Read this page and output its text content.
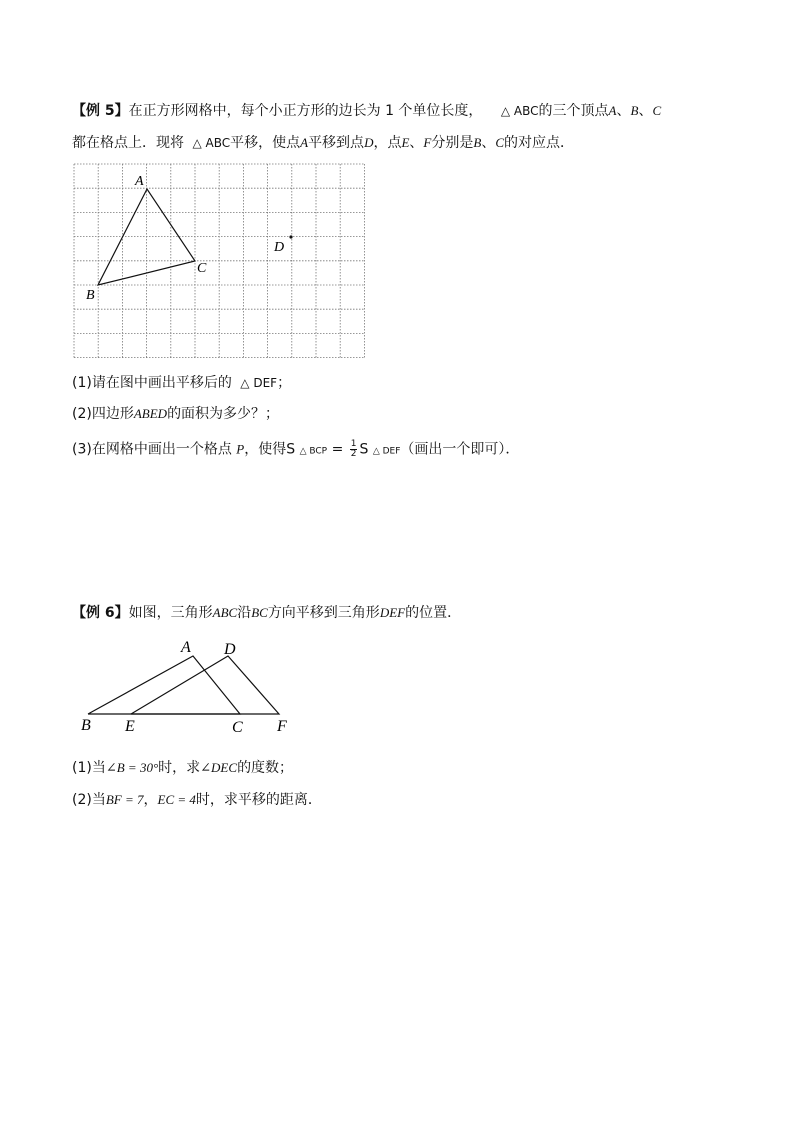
【例 5】在正方形网格中，每个小正方形的边长为 1 个单位长度， △ ABC的三个顶点A、B、C
都在格点上．现将 △ ABC平移，使点A平移到点D，点E、F分别是B、C的对应点．
A
B
C
D
(1)请在图中画出平移后的 △ DEF；
(2)四边形ABED的面积为多少？；
(3)在网格中画出一个格点 P，使得S △ BCP = $\frac{1}{2}$ S △ DEF（画出一个即可）．
【例 6】如图，三角形ABC沿BC方向平移到三角形DEF的位置．
A D
B E	C F
(1)当∠B = 30°时，求∠DEC的度数；
(2)当BF = 7，EC = 4时，求平移的距离．
